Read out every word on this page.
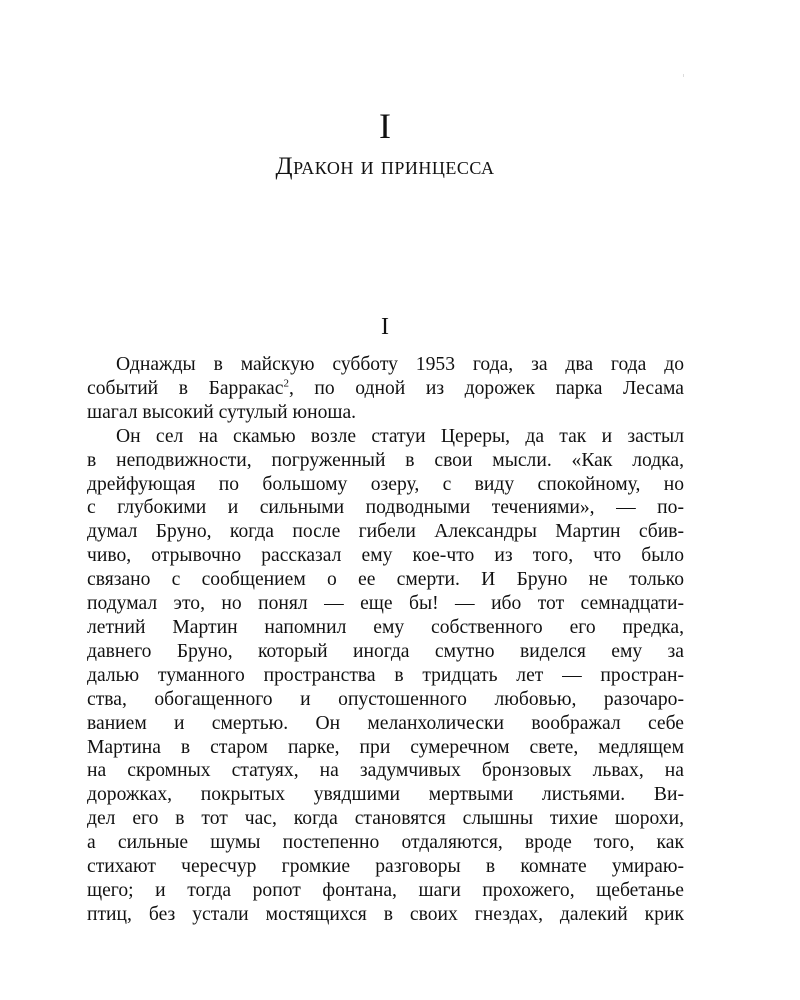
I
Дракон и принцесса
I

Однажды в майскую субботу 1953 года, за два года до
событий в Барракас$^2$, по одной из дорожек парка Лесама
шагал высокий сутулый юноша.

Он сел на скамью возле статуи Цереры, да так и застыл
в неподвижности, погруженный в свои мысли. «Как лодка,
дрейфующая по большому озеру, с виду спокойному, но
с глубокими и сильными подводными течениями», — по-
думал Бруно, когда после гибели Александры Мартин сбив-
чиво, отрывочно рассказал ему кое-что из того, что было
связано с сообщением о ее смерти. И Бруно не только
подумал это, но понял — еще бы! — ибо тот семнадцати-
летний Мартин напомнил ему собственного его предка,
давнего Бруно, который иногда смутно виделся ему за
далью туманного пространства в тридцать лет — простран-
ства, обогащенного и опустошенного любовью, разочаро-
ванием и смертью. Он меланхолически воображал себе
Мартина в старом парке, при сумеречном свете, медлящем
на скромных статуях, на задумчивых бронзовых львах, на
дорожках, покрытых увядшими мертвыми листьями. Ви-
дел его в тот час, когда становятся слышны тихие шорохи,
а сильные шумы постепенно отдаляются, вроде того, как
стихают чересчур громкие разговоры в комнате умираю-
щего; и тогда ропот фонтана, шаги прохожего, щебетанье
птиц, без устали мостящихся в своих гнездах, далекий крик
